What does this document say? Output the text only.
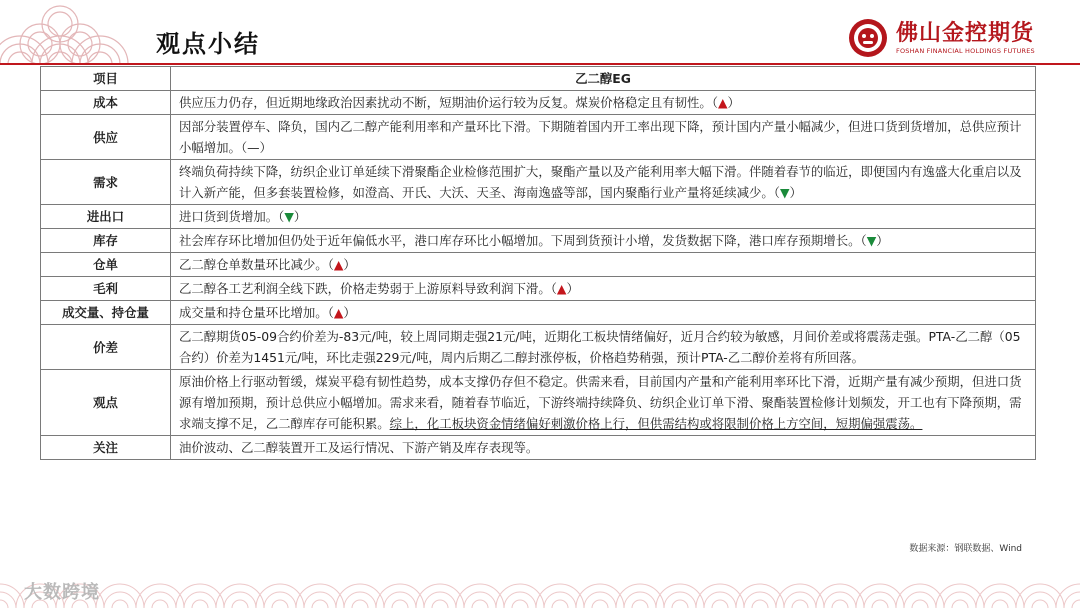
观点小结	佛山金控期货
FOSHAN FINANCIAL HOLDINGS FUTURES
项目	乙二醇EG
成本	供应压力仍存，但近期地缘政治因素扰动不断，短期油价运行较为反复。煤炭价格稳定且有韧性。（▲）
供应	因部分装置停车、降负，国内乙二醇产能利用率和产量环比下滑。下期随着国内开工率出现下降，预计国内产量小幅减少，但进口货到货增加，总供应预计小幅增加。（—）
需求	终端负荷持续下降，纺织企业订单延续下滑聚酯企业检修范围扩大，聚酯产量以及产能利用率大幅下滑。伴随着春节的临近，即便国内有逸盛大化重启以及计入新产能，但多套装置检修，如澄高、开氏、大沃、天圣、海南逸盛等部，国内聚酯行业产量将延续减少。（▼）
进出口	进口货到货增加。（▼）
库存	社会库存环比增加但仍处于近年偏低水平，港口库存环比小幅增加。下周到货预计小增，发货数据下降，港口库存预期增长。（▼）
仓单	乙二醇仓单数量环比减少。（▲）
毛利	乙二醇各工艺利润全线下跌，价格走势弱于上游原料导致利润下滑。（▲）
成交量、持仓量	成交量和持仓量环比增加。（▲）
价差	乙二醇期货05-09合约价差为-83元/吨，较上周同期走强21元/吨，近期化工板块情绪偏好，近月合约较为敏感，月间价差或将震荡走强。PTA-乙二醇（05合约）价差为1451元/吨，环比走强229元/吨，周内后期乙二醇封涨停板，价格趋势稍强，预计PTA-乙二醇价差将有所回落。
观点	原油价格上行驱动暂缓，煤炭平稳有韧性趋势，成本支撑仍存但不稳定。供需来看，目前国内产量和产能利用率环比下滑，近期产量有减少预期，但进口货源有增加预期，预计总供应小幅增加。需求来看，随着春节临近，下游终端持续降负、纺织企业订单下滑、聚酯装置检修计划频发，开工也有下降预期，需求端支撑不足，乙二醇库存可能积累。综上，化工板块资金情绪偏好刺激价格上行，但供需结构或将限制价格上方空间，短期偏强震荡。
关注	油价波动、乙二醇装置开工及运行情况、下游产销及库存表现等。
数据来源：钢联数据、Wind
大数跨境
